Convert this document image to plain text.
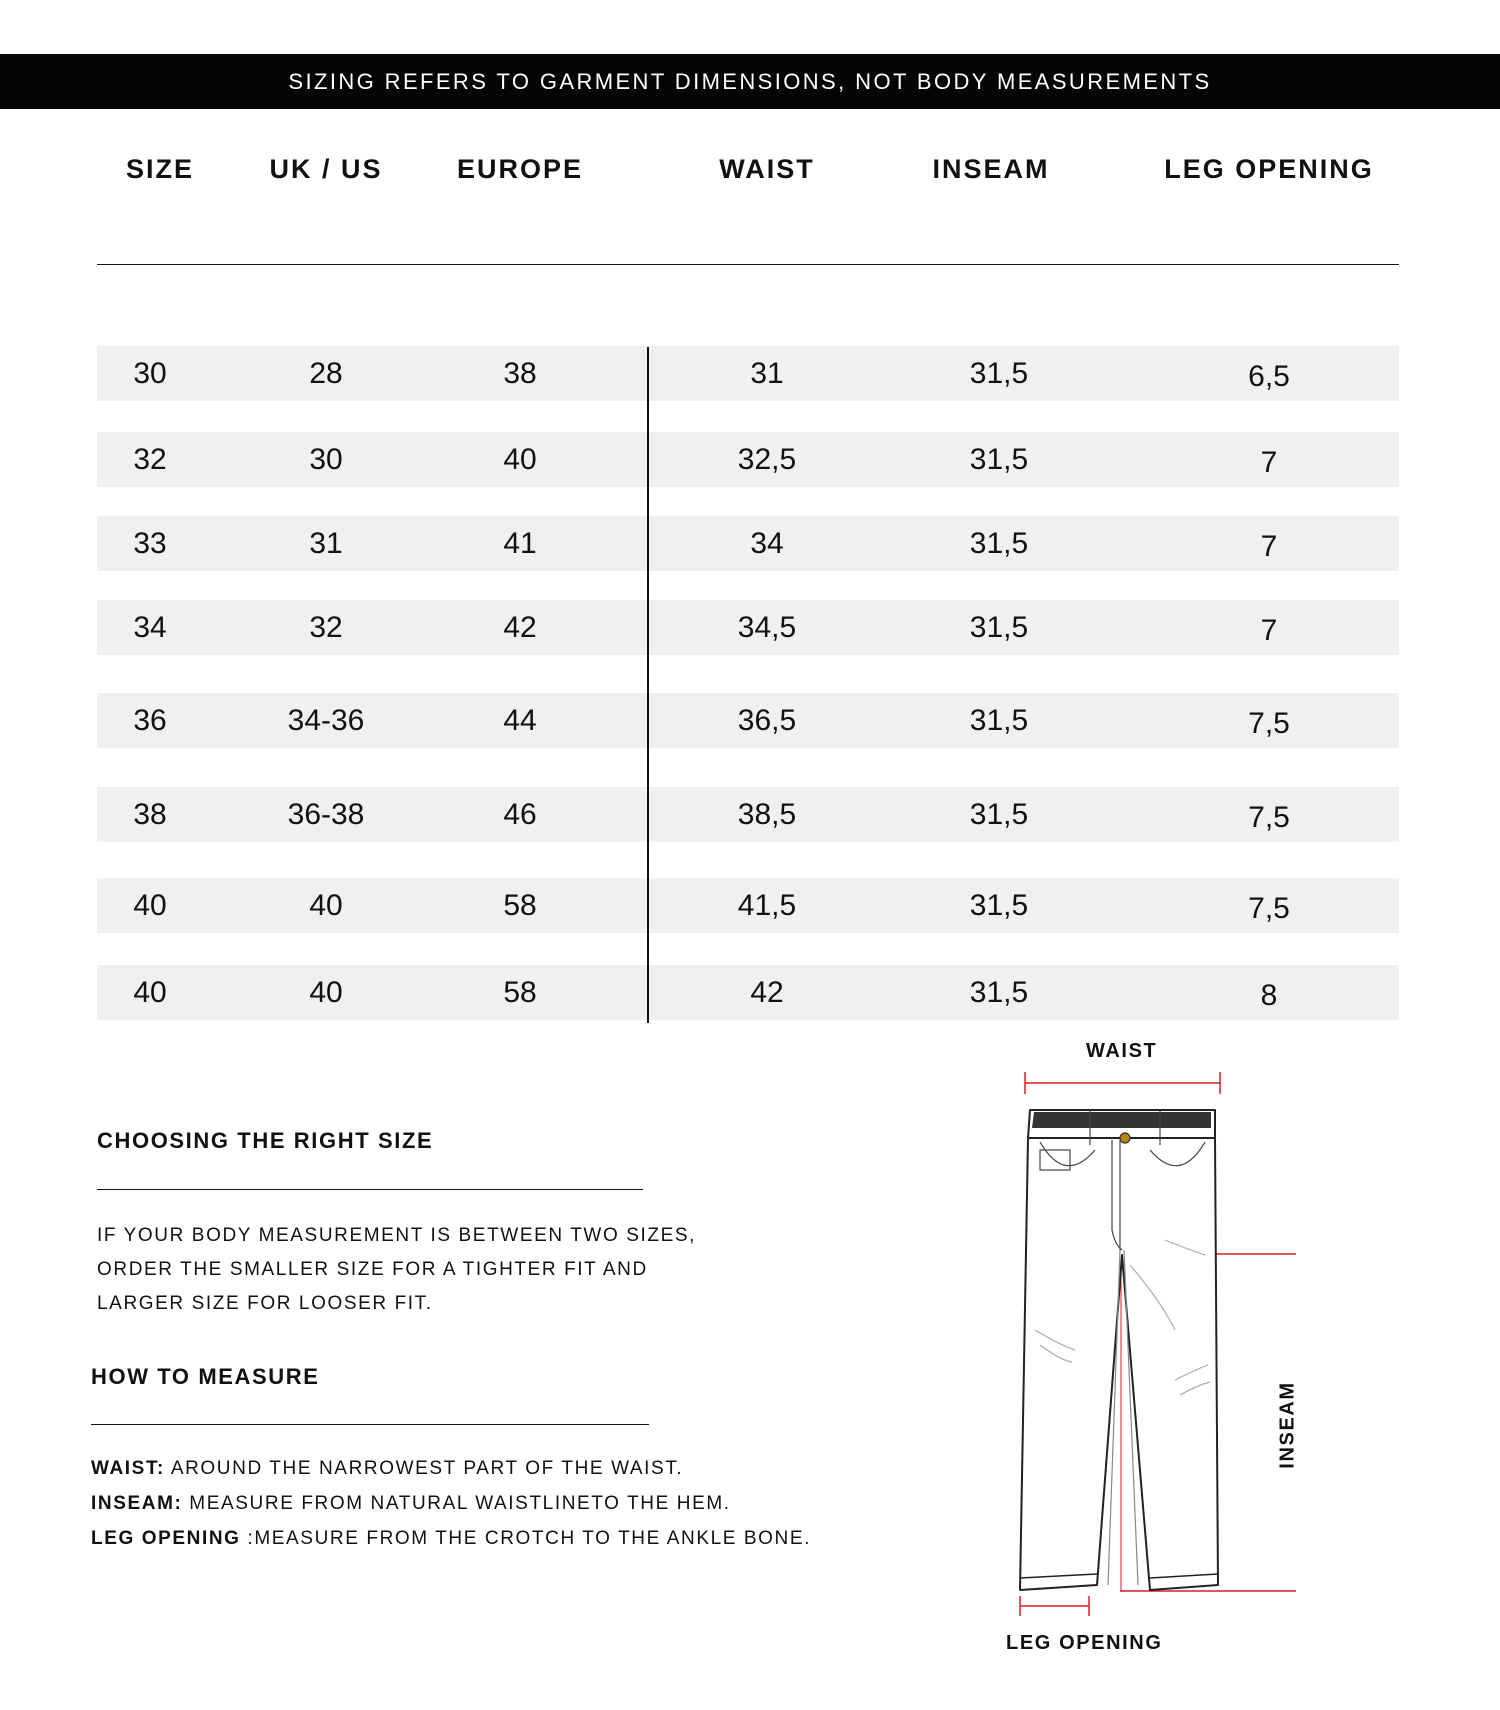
SIZING REFERS TO GARMENT DIMENSIONS, NOT BODY MEASUREMENTS
SIZE	UK / US	EUROPE	WAIST	INSEAM	LEG OPENING
30	28	38	31	31,5	6,5
32	30	40	32,5	31,5	7
33	31	41	34	31,5	7
34	32	42	34,5	31,5	7
36	34-36	44	36,5	31,5	7,5
38	36-38	46	38,5	31,5	7,5
40	40	58	41,5	31,5	7,5
40	40	58	42	31,5	8
CHOOSING THE RIGHT SIZE
IF YOUR BODY MEASUREMENT IS BETWEEN TWO SIZES,
ORDER THE SMALLER SIZE FOR A TIGHTER FIT AND
LARGER SIZE FOR LOOSER FIT.
HOW TO MEASURE
WAIST: AROUND THE NARROWEST PART OF THE WAIST.
INSEAM: MEASURE FROM NATURAL WAISTLINETO THE HEM.
LEG OPENING :MEASURE FROM THE CROTCH TO THE ANKLE BONE.
WAIST
LEG OPENING
INSEAM
